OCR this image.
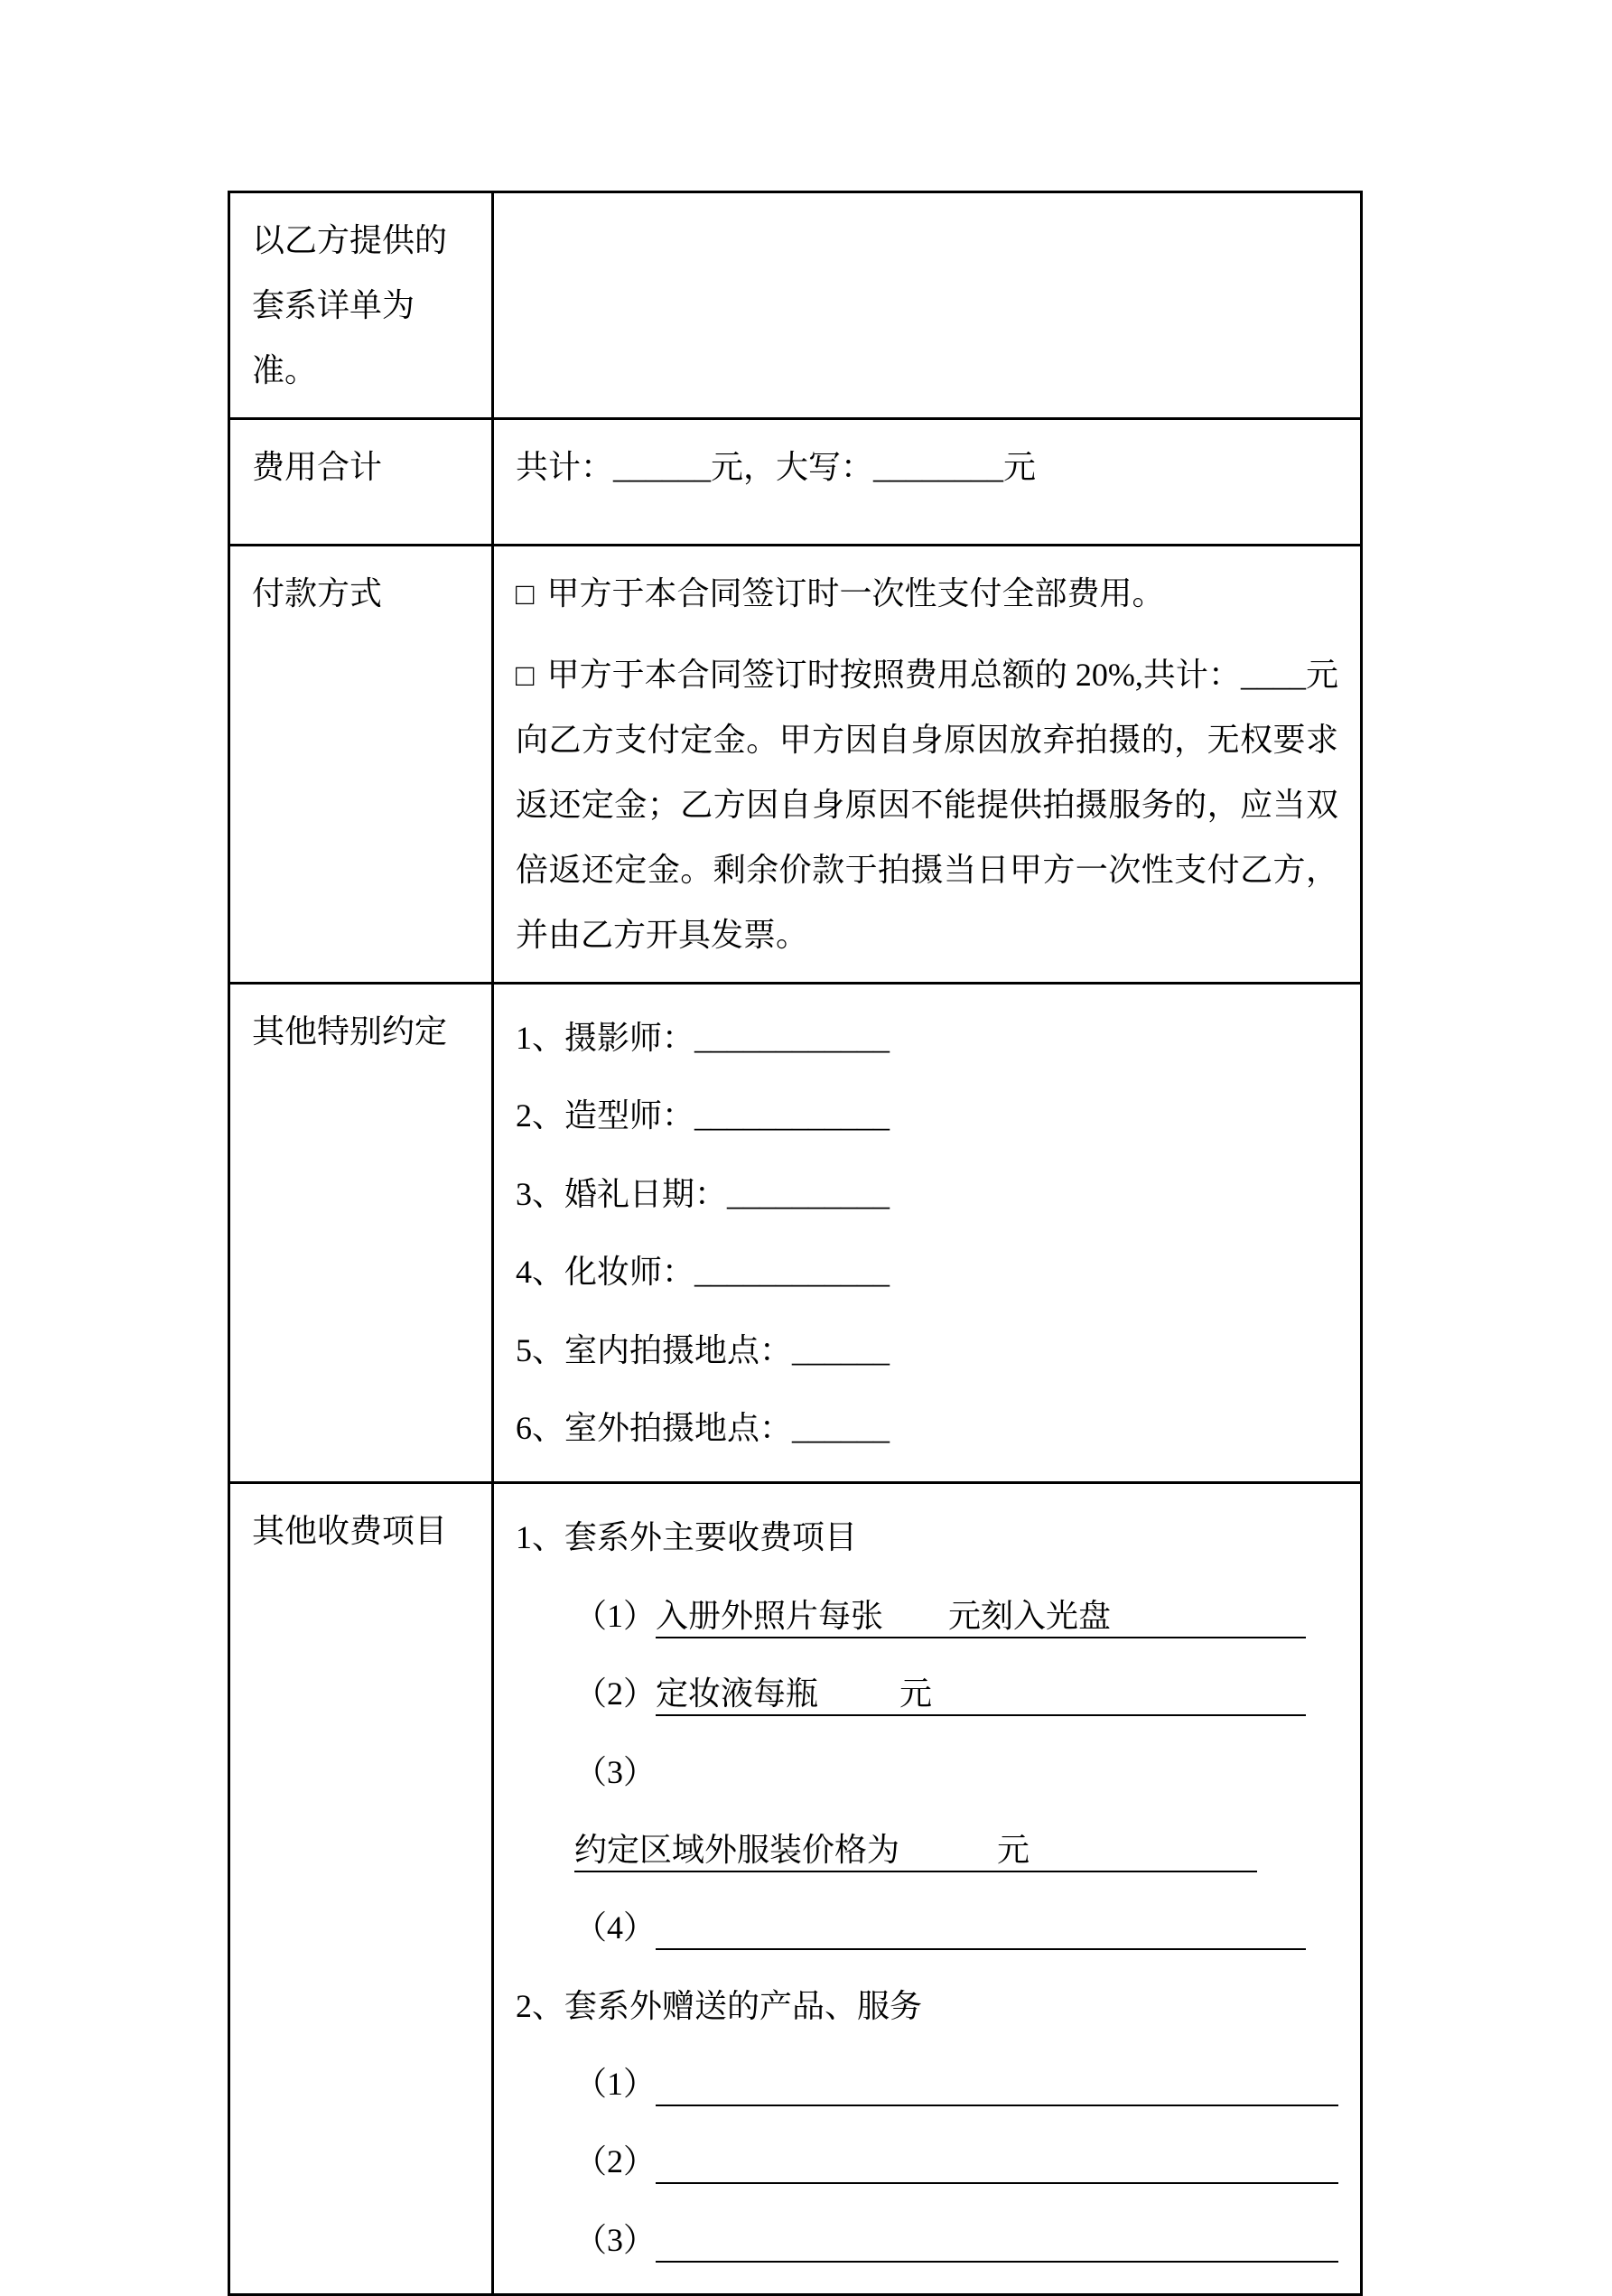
以乙方提供的套系详单为准。	
费用合计	共计：______元，大写：________元

付款方式	□ 甲方于本合同签订时一次性支付全部费用。

□ 甲方于本合同签订时按照费用总额的 20%,共计：____元向乙方支付定金。甲方因自身原因放弃拍摄的，无权要求返还定金；乙方因自身原因不能提供拍摄服务的，应当双倍返还定金。剩余价款于拍摄当日甲方一次性支付乙方，并由乙方开具发票。

其他特别约定	1、摄影师：____________

2、造型师：____________

3、婚礼日期：__________

4、化妆师：____________

5、室内拍摄地点：______

6、室外拍摄地点：______

其他收费项目	1、套系外主要收费项目

（1）入册外照片每张        元刻入光盘

（2）定妆液每瓶          元

（3）约定区域外服装价格为            元

（4）

2、套系外赠送的产品、服务

（1）

（2）

（3）
